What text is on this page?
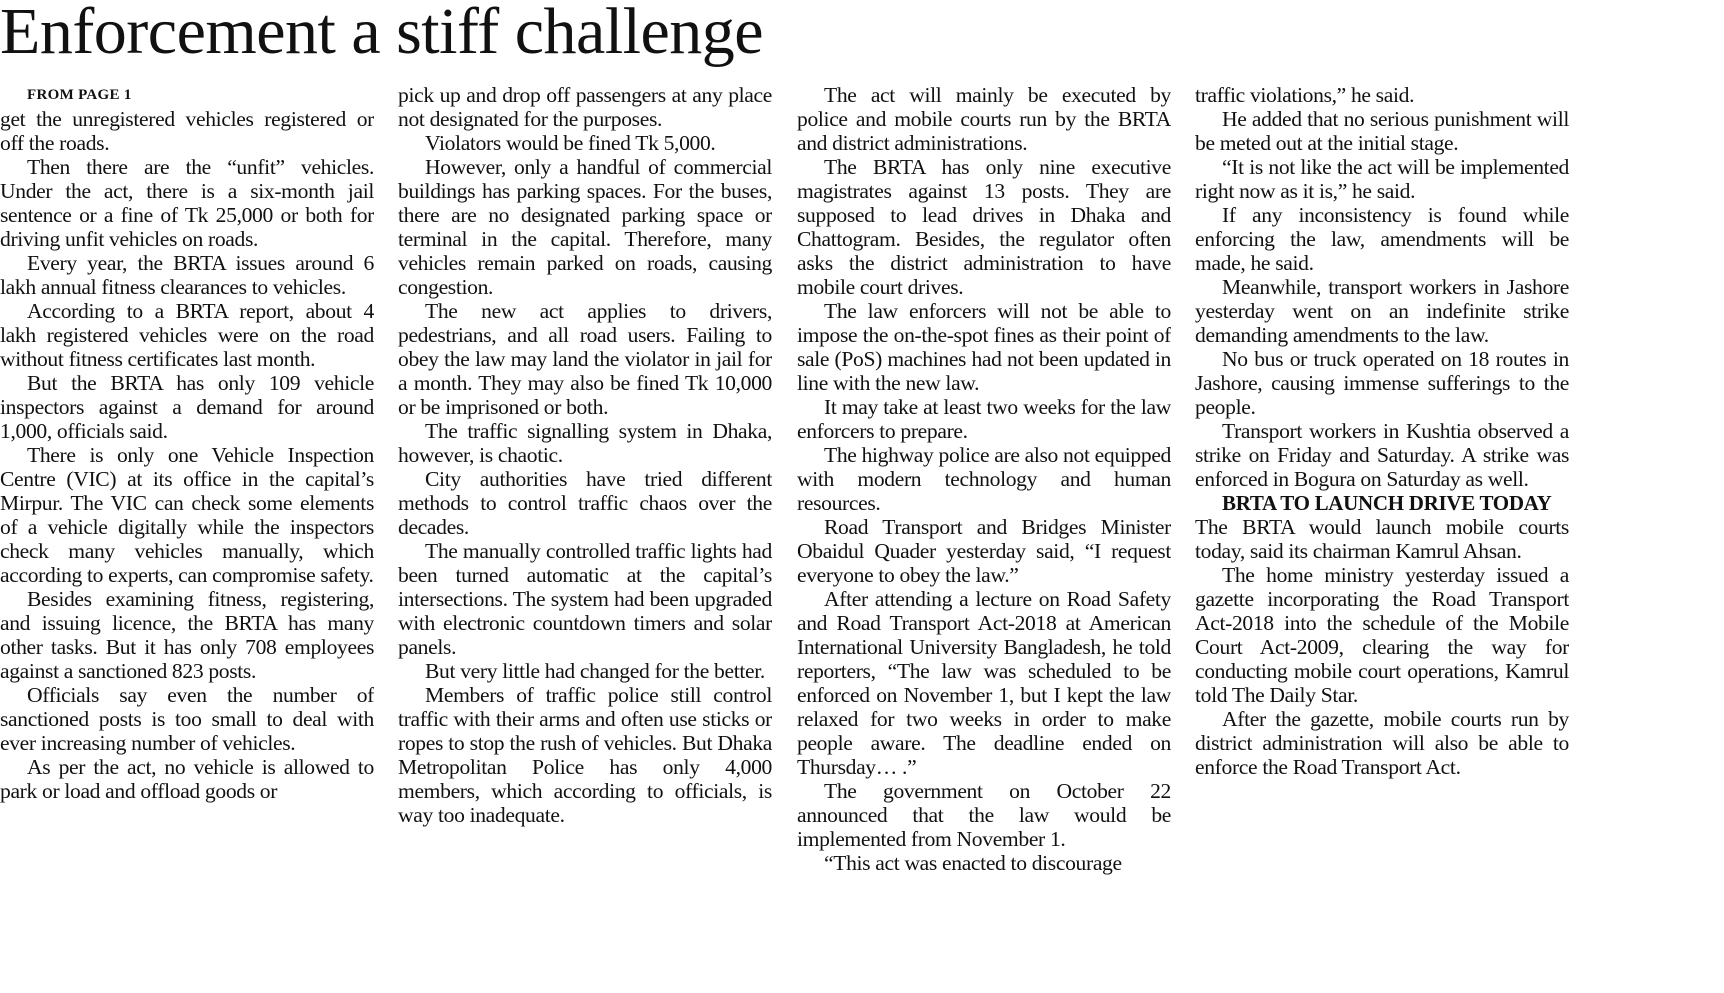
Enforcement a stiff challenge

FROM PAGE 1

get the unregistered vehicles registered or off the roads.

Then there are the “unfit” vehicles. Under the act, there is a six-month jail sentence or a fine of Tk 25,000 or both for driving unfit vehicles on roads.

Every year, the BRTA issues around 6 lakh annual fitness clearances to vehicles.

According to a BRTA report, about 4 lakh registered vehicles were on the road without fitness certificates last month.

But the BRTA has only 109 vehicle inspectors against a demand for around 1,000, officials said.

There is only one Vehicle Inspection Centre (VIC) at its office in the capital’s Mirpur. The VIC can check some elements of a vehicle digitally while the inspectors check many vehicles manually, which according to experts, can compromise safety.

Besides examining fitness, registering, and issuing licence, the BRTA has many other tasks. But it has only 708 employees against a sanctioned 823 posts.

Officials say even the number of sanctioned posts is too small to deal with ever increasing number of vehicles.

As per the act, no vehicle is allowed to park or load and offload goods or

pick up and drop off passengers at any place not designated for the purposes.

Violators would be fined Tk 5,000.

However, only a handful of commercial buildings has parking spaces. For the buses, there are no designated parking space or terminal in the capital. Therefore, many vehicles remain parked on roads, causing congestion.

The new act applies to drivers, pedestrians, and all road users. Failing to obey the law may land the violator in jail for a month. They may also be fined Tk 10,000 or be imprisoned or both.

The traffic signalling system in Dhaka, however, is chaotic.

City authorities have tried different methods to control traffic chaos over the decades.

The manually controlled traffic lights had been turned automatic at the capital’s intersections. The system had been upgraded with electronic countdown timers and solar panels.

But very little had changed for the better.

Members of traffic police still control traffic with their arms and often use sticks or ropes to stop the rush of vehicles. But Dhaka Metropolitan Police has only 4,000 members, which according to officials, is way too inadequate.

The act will mainly be executed by police and mobile courts run by the BRTA and district administrations.

The BRTA has only nine executive magistrates against 13 posts. They are supposed to lead drives in Dhaka and Chattogram. Besides, the regulator often asks the district administration to have mobile court drives.

The law enforcers will not be able to impose the on-the-spot fines as their point of sale (PoS) machines had not been updated in line with the new law.

It may take at least two weeks for the law enforcers to prepare.

The highway police are also not equipped with modern technology and human resources.

Road Transport and Bridges Minister Obaidul Quader yesterday said, “I request everyone to obey the law.”

After attending a lecture on Road Safety and Road Transport Act-2018 at American International University Bangladesh, he told reporters, “The law was scheduled to be enforced on November 1, but I kept the law relaxed for two weeks in order to make people aware. The deadline ended on Thursday… .”

The government on October 22 announced that the law would be implemented from November 1.

“This act was enacted to discourage

traffic violations,” he said.

He added that no serious punishment will be meted out at the initial stage.

“It is not like the act will be implemented right now as it is,” he said.

If any inconsistency is found while enforcing the law, amendments will be made, he said.

Meanwhile, transport workers in Jashore yesterday went on an indefinite strike demanding amendments to the law.

No bus or truck operated on 18 routes in Jashore, causing immense sufferings to the people.

Transport workers in Kushtia observed a strike on Friday and Saturday. A strike was enforced in Bogura on Saturday as well.

BRTA TO LAUNCH DRIVE TODAY

The BRTA would launch mobile courts today, said its chairman Kamrul Ahsan.

The home ministry yesterday issued a gazette incorporating the Road Transport Act-2018 into the schedule of the Mobile Court Act-2009, clearing the way for conducting mobile court operations, Kamrul told The Daily Star.

After the gazette, mobile courts run by district administration will also be able to enforce the Road Transport Act.
